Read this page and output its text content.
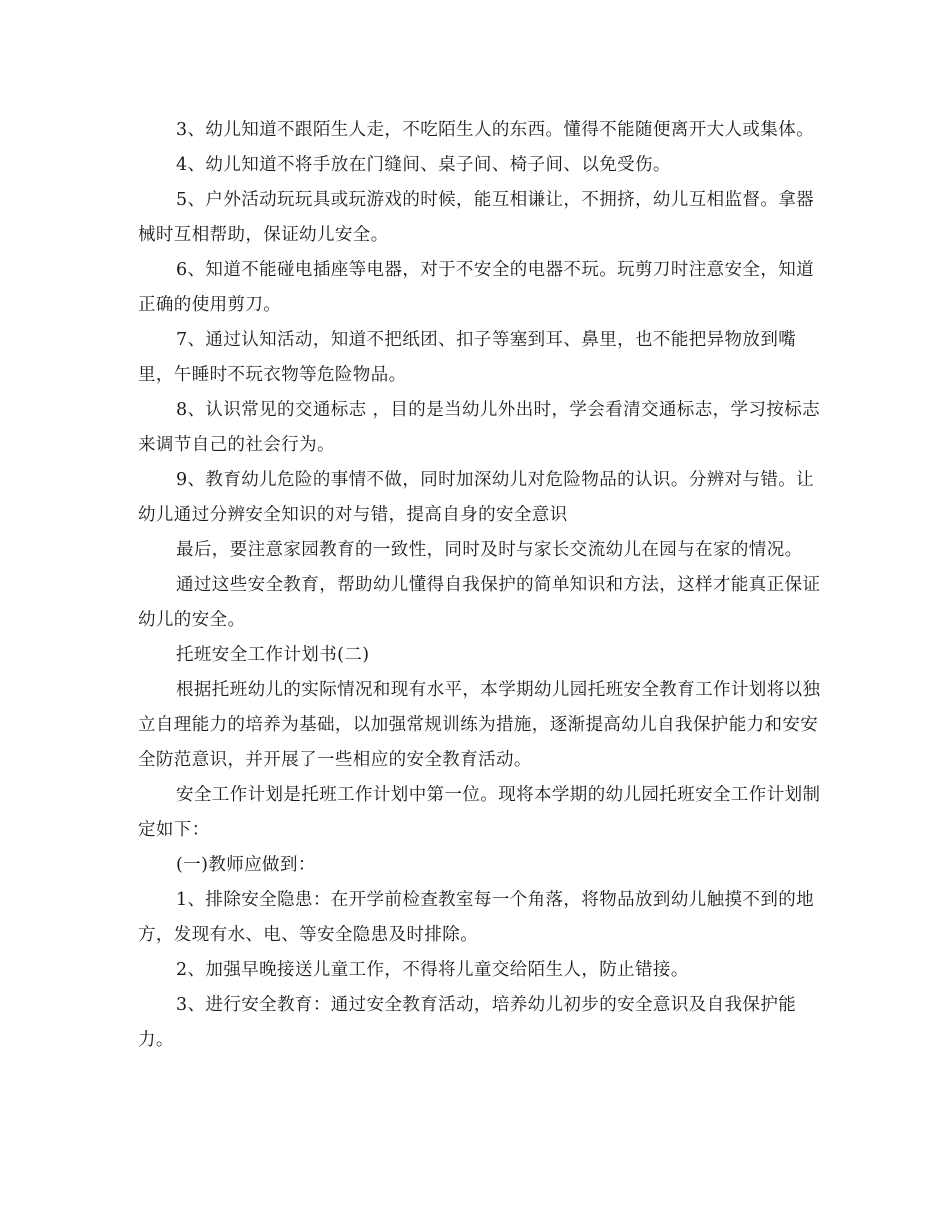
3、幼儿知道不跟陌生人走，不吃陌生人的东西。懂得不能随便离开大人或集体。

4、幼儿知道不将手放在门缝间、桌子间、椅子间、以免受伤。

5、户外活动玩玩具或玩游戏的时候，能互相谦让，不拥挤，幼儿互相监督。拿器械时互相帮助，保证幼儿安全。

6、知道不能碰电插座等电器，对于不安全的电器不玩。玩剪刀时注意安全，知道正确的使用剪刀。

7、通过认知活动，知道不把纸团、扣子等塞到耳、鼻里，也不能把异物放到嘴里，午睡时不玩衣物等危险物品。

8、认识常见的交通标志 ，目的是当幼儿外出时，学会看清交通标志，学习按标志来调节自己的社会行为。

9、教育幼儿危险的事情不做，同时加深幼儿对危险物品的认识。分辨对与错。让幼儿通过分辨安全知识的对与错，提高自身的安全意识

最后，要注意家园教育的一致性，同时及时与家长交流幼儿在园与在家的情况。

通过这些安全教育，帮助幼儿懂得自我保护的简单知识和方法，这样才能真正保证幼儿的安全。

托班安全工作计划书(二)

根据托班幼儿的实际情况和现有水平，本学期幼儿园托班安全教育工作计划将以独立自理能力的培养为基础，以加强常规训练为措施，逐渐提高幼儿自我保护能力和安安全防范意识，并开展了一些相应的安全教育活动。

安全工作计划是托班工作计划中第一位。现将本学期的幼儿园托班安全工作计划制定如下：

(一)教师应做到：

1、排除安全隐患：在开学前检查教室每一个角落，将物品放到幼儿触摸不到的地方，发现有水、电、等安全隐患及时排除。

2、加强早晚接送儿童工作，不得将儿童交给陌生人，防止错接。

3、进行安全教育：通过安全教育活动，培养幼儿初步的安全意识及自我保护能力。
